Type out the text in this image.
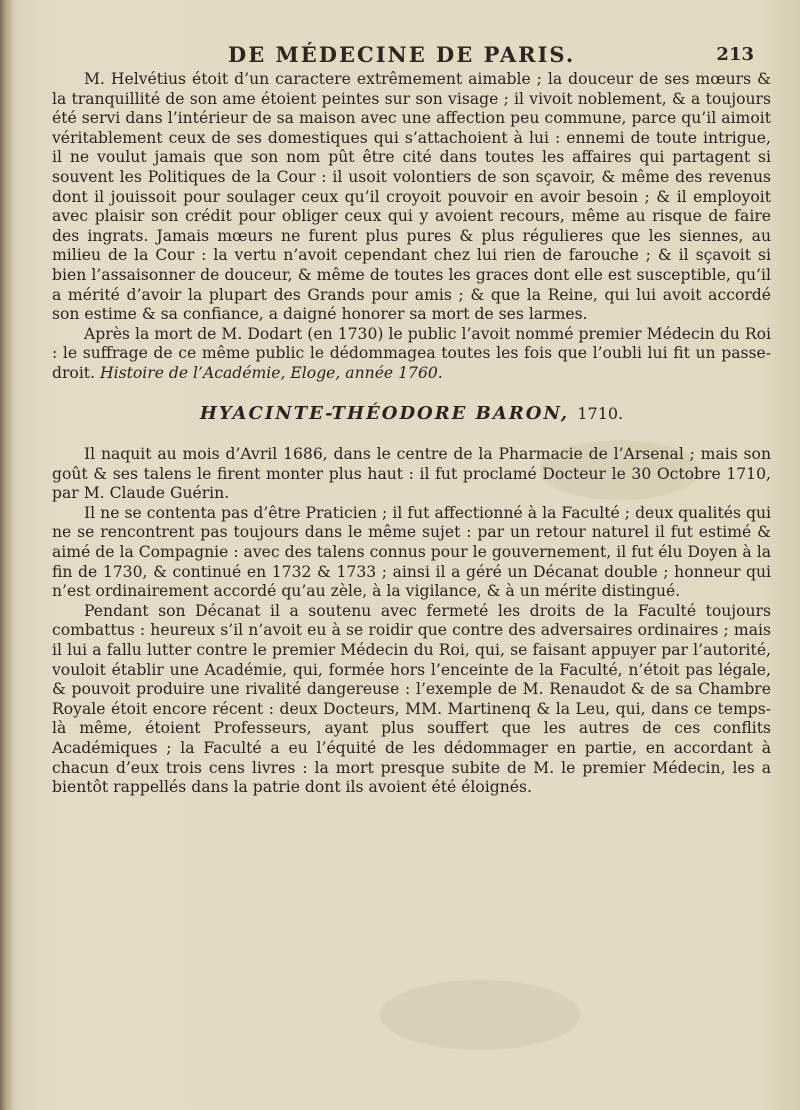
DE MÉDECINE DE PARIS.	213

M. Helvétius étoit d’un caractere extrêmement aimable ; la douceur de ses mœurs & la tranquillité de son ame étoient peintes sur son visage ; il vivoit noblement, & a toujours été servi dans l’intérieur de sa maison avec une affection peu commune, parce qu’il aimoit véritablement ceux de ses domestiques qui s’attachoient à lui : ennemi de toute intrigue, il ne voulut jamais que son nom pût être cité dans toutes les affaires qui partagent si souvent les Politiques de la Cour : il usoit volontiers de son sçavoir, & même des revenus dont il jouissoit pour soulager ceux qu’il croyoit pouvoir en avoir besoin ; & il employoit avec plaisir son crédit pour obliger ceux qui y avoient recours, même au risque de faire des ingrats. Jamais mœurs ne furent plus pures & plus régulieres que les siennes, au milieu de la Cour : la vertu n’avoit cependant chez lui rien de farouche ; & il sçavoit si bien l’assaisonner de douceur, & même de toutes les graces dont elle est susceptible, qu’il a mérité d’avoir la plupart des Grands pour amis ; & que la Reine, qui lui avoit accordé son estime & sa confiance, a daigné honorer sa mort de ses larmes.

Après la mort de M. Dodart (en 1730) le public l’avoit nommé premier Médecin du Roi : le suffrage de ce même public le dédommagea toutes les fois que l’oubli lui fit un passe-droit. Histoire de l’Académie, Eloge, année 1760.

HYACINTE-THÉODORE BARON, 1710.

Il naquit au mois d’Avril 1686, dans le centre de la Pharmacie de l’Arsenal ; mais son goût & ses talens le firent monter plus haut : il fut proclamé Docteur le 30 Octobre 1710, par M. Claude Guérin.

Il ne se contenta pas d’être Praticien ; il fut affectionné à la Faculté ; deux qualités qui ne se rencontrent pas toujours dans le même sujet : par un retour naturel il fut estimé & aimé de la Compagnie : avec des talens connus pour le gouvernement, il fut élu Doyen à la fin de 1730, & continué en 1732 & 1733 ; ainsi il a géré un Décanat double ; honneur qui n’est ordinairement accordé qu’au zèle, à la vigilance, & à un mérite distingué.

Pendant son Décanat il a soutenu avec fermeté les droits de la Faculté toujours combattus : heureux s’il n’avoit eu à se roidir que contre des adversaires ordinaires ; mais il lui a fallu lutter contre le premier Médecin du Roi, qui, se faisant appuyer par l’autorité, vouloit établir une Académie, qui, formée hors l’enceinte de la Faculté, n’étoit pas légale, & pouvoit produire une rivalité dangereuse : l’exemple de M. Renaudot & de sa Chambre Royale étoit encore récent : deux Docteurs, MM. Martinenq & la Leu, qui, dans ce temps-là même, étoient Professeurs, ayant plus souffert que les autres de ces conflits Académiques ; la Faculté a eu l’équité de les dédommager en partie, en accordant à chacun d’eux trois cens livres : la mort presque subite de M. le premier Médecin, les a bientôt rappellés dans la patrie dont ils avoient été éloignés.
